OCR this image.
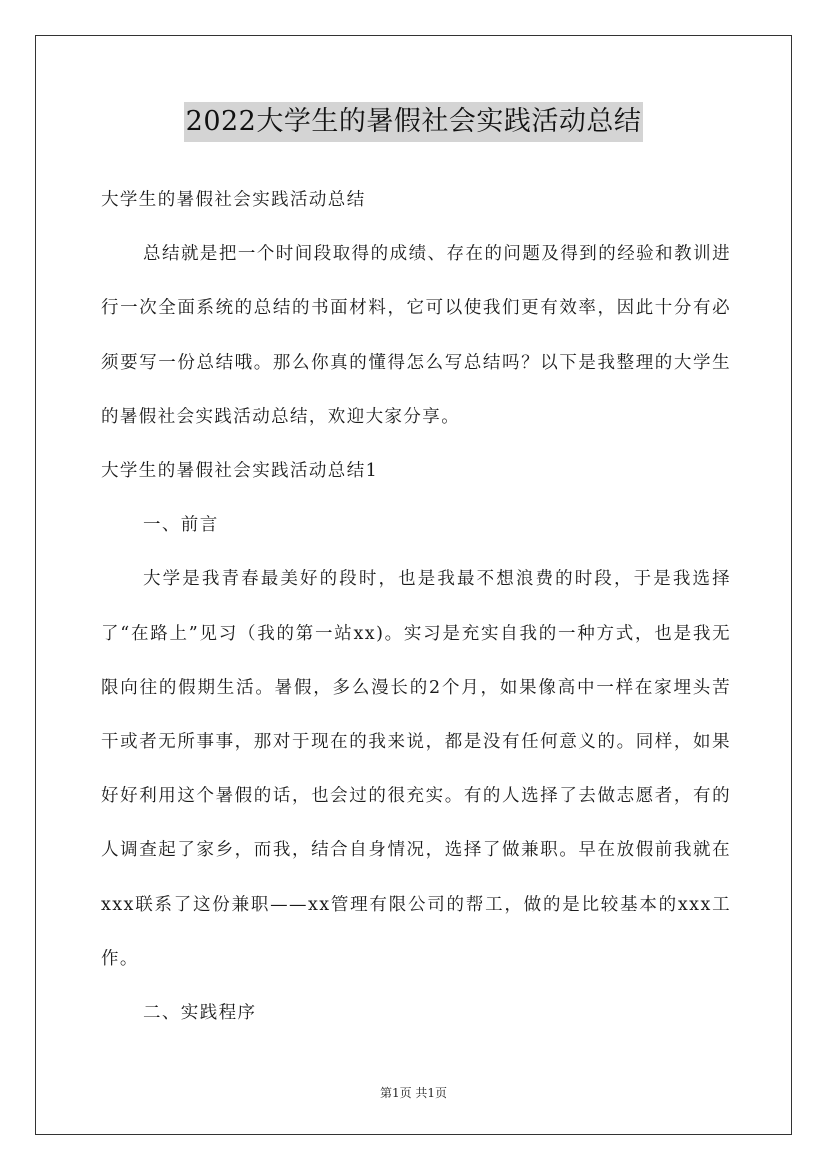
2022大学生的暑假社会实践活动总结

大学生的暑假社会实践活动总结

总结就是把一个时间段取得的成绩、存在的问题及得到的经验和教训进行一次全面系统的总结的书面材料，它可以使我们更有效率，因此十分有必须要写一份总结哦。那么你真的懂得怎么写总结吗？以下是我整理的大学生的暑假社会实践活动总结，欢迎大家分享。

大学生的暑假社会实践活动总结1

一、前言

大学是我青春最美好的段时，也是我最不想浪费的时段，于是我选择了“在路上”见习（我的第一站xx)。实习是充实自我的一种方式，也是我无限向往的假期生活。暑假，多么漫长的2个月，如果像高中一样在家埋头苦干或者无所事事，那对于现在的我来说，都是没有任何意义的。同样，如果好好利用这个暑假的话，也会过的很充实。有的人选择了去做志愿者，有的人调查起了家乡，而我，结合自身情况，选择了做兼职。早在放假前我就在xxx联系了这份兼职——xx管理有限公司的帮工，做的是比较基本的xxx工作。

二、实践程序

第1页 共1页
